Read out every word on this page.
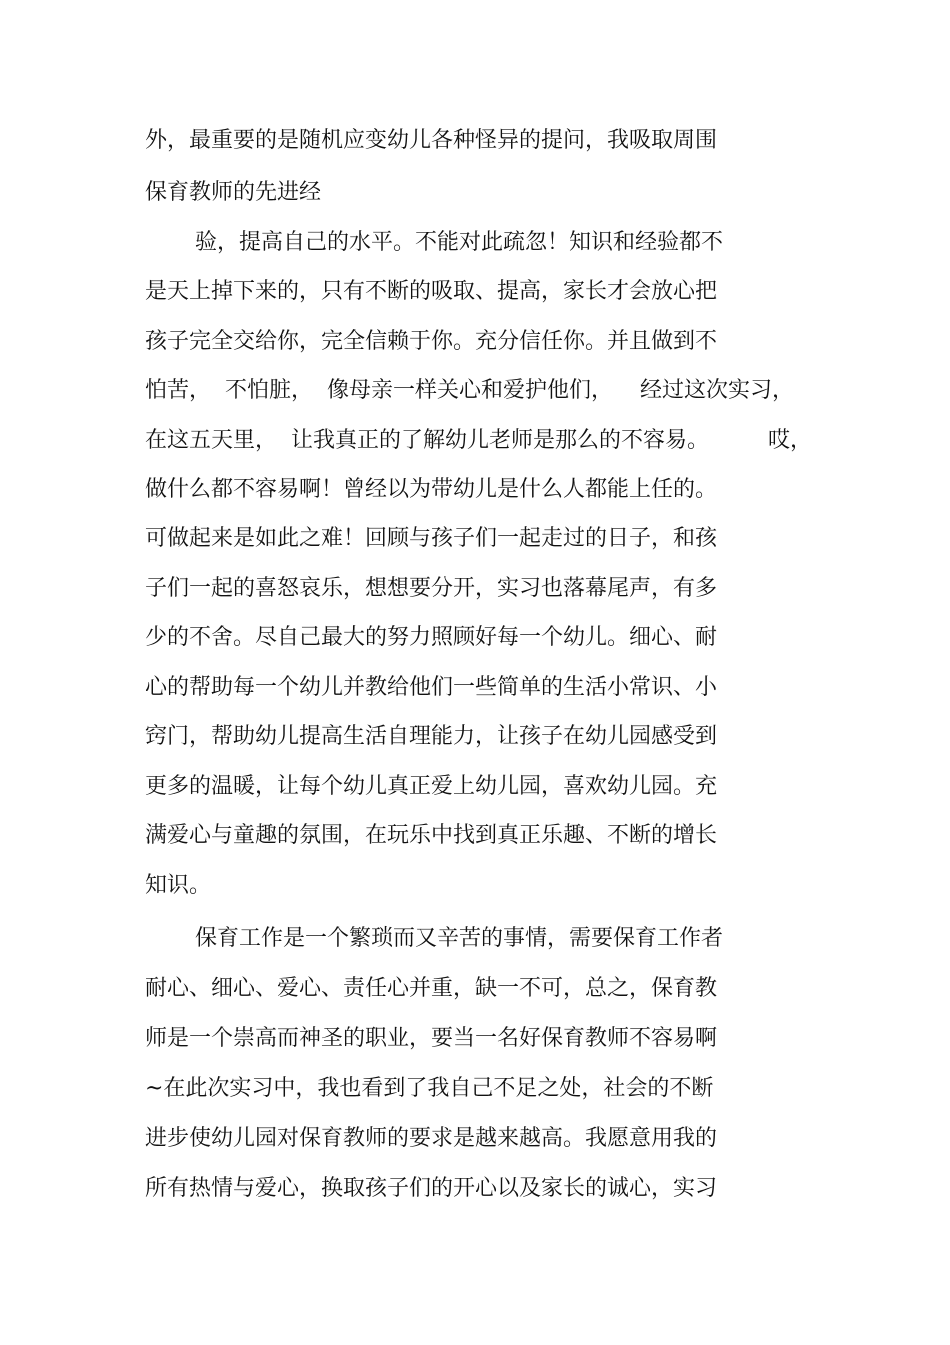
外，最重要的是随机应变幼儿各种怪异的提问，我吸取周围
保育教师的先进经
验，提高自己的水平。不能对此疏忽！知识和经验都不
是天上掉下来的，只有不断的吸取、提高，家长才会放心把
孩子完全交给你，完全信赖于你。充分信任你。并且做到不
怕苦，  不怕脏，  像母亲一样关心和爱护他们， 经过这次实习，
在这五天里，  让我真正的了解幼儿老师是那么的不容易。	哎，
做什么都不容易啊！曾经以为带幼儿是什么人都能上任的。
可做起来是如此之难！回顾与孩子们一起走过的日子，和孩
子们一起的喜怒哀乐，想想要分开，实习也落幕尾声，有多
少的不舍。尽自己最大的努力照顾好每一个幼儿。细心、耐
心的帮助每一个幼儿并教给他们一些简单的生活小常识、小
窍门，帮助幼儿提高生活自理能力，让孩子在幼儿园感受到
更多的温暖，让每个幼儿真正爱上幼儿园，喜欢幼儿园。充
满爱心与童趣的氛围，在玩乐中找到真正乐趣、不断的增长
知识。
保育工作是一个繁琐而又辛苦的事情，需要保育工作者
耐心、细心、爱心、责任心并重，缺一不可，总之，保育教
师是一个崇高而神圣的职业，要当一名好保育教师不容易啊
~在此次实习中，我也看到了我自己不足之处，社会的不断
进步使幼儿园对保育教师的要求是越来越高。我愿意用我的
所有热情与爱心，换取孩子们的开心以及家长的诚心，实习
